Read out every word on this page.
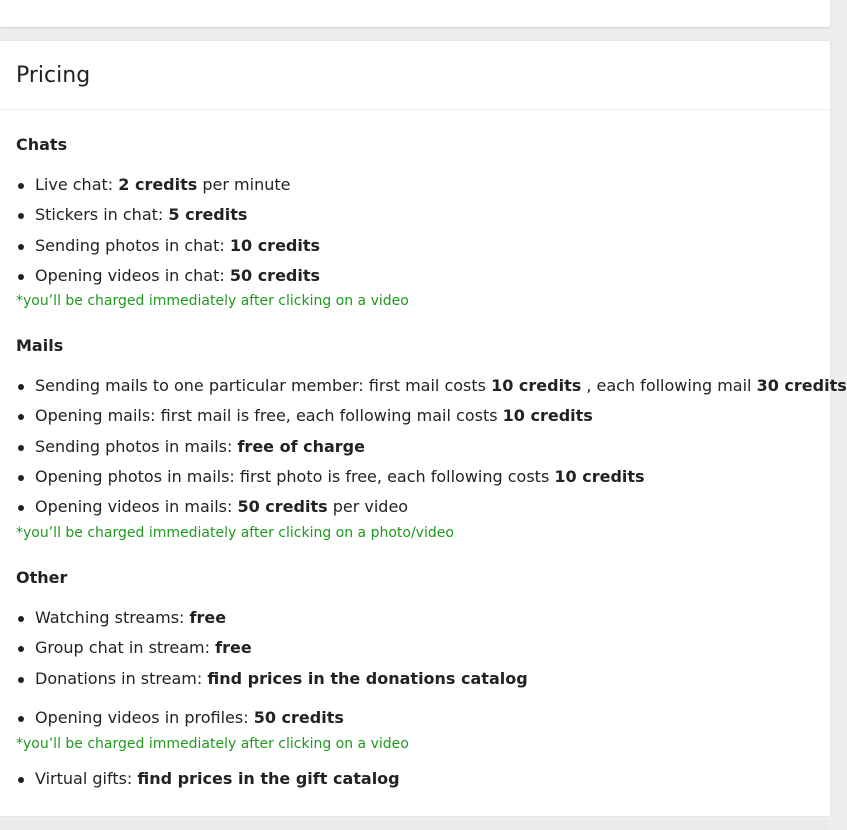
Pricing
Chats
Live chat: 2 credits per minute
Stickers in chat: 5 credits
Sending photos in chat: 10 credits
Opening videos in chat: 50 credits

*you’ll be charged immediately after clicking on a video

Mails
Sending mails to one particular member: first mail costs 10 credits , each following mail 30 credits
Opening mails: first mail is free, each following mail costs 10 credits
Sending photos in mails: free of charge
Opening photos in mails: first photo is free, each following costs 10 credits
Opening videos in mails: 50 credits per video

*you’ll be charged immediately after clicking on a photo/video

Other
Watching streams: free
Group chat in stream: free
Donations in stream: find prices in the donations catalog
Opening videos in profiles: 50 credits

*you’ll be charged immediately after clicking on a video

Virtual gifts: find prices in the gift catalog
